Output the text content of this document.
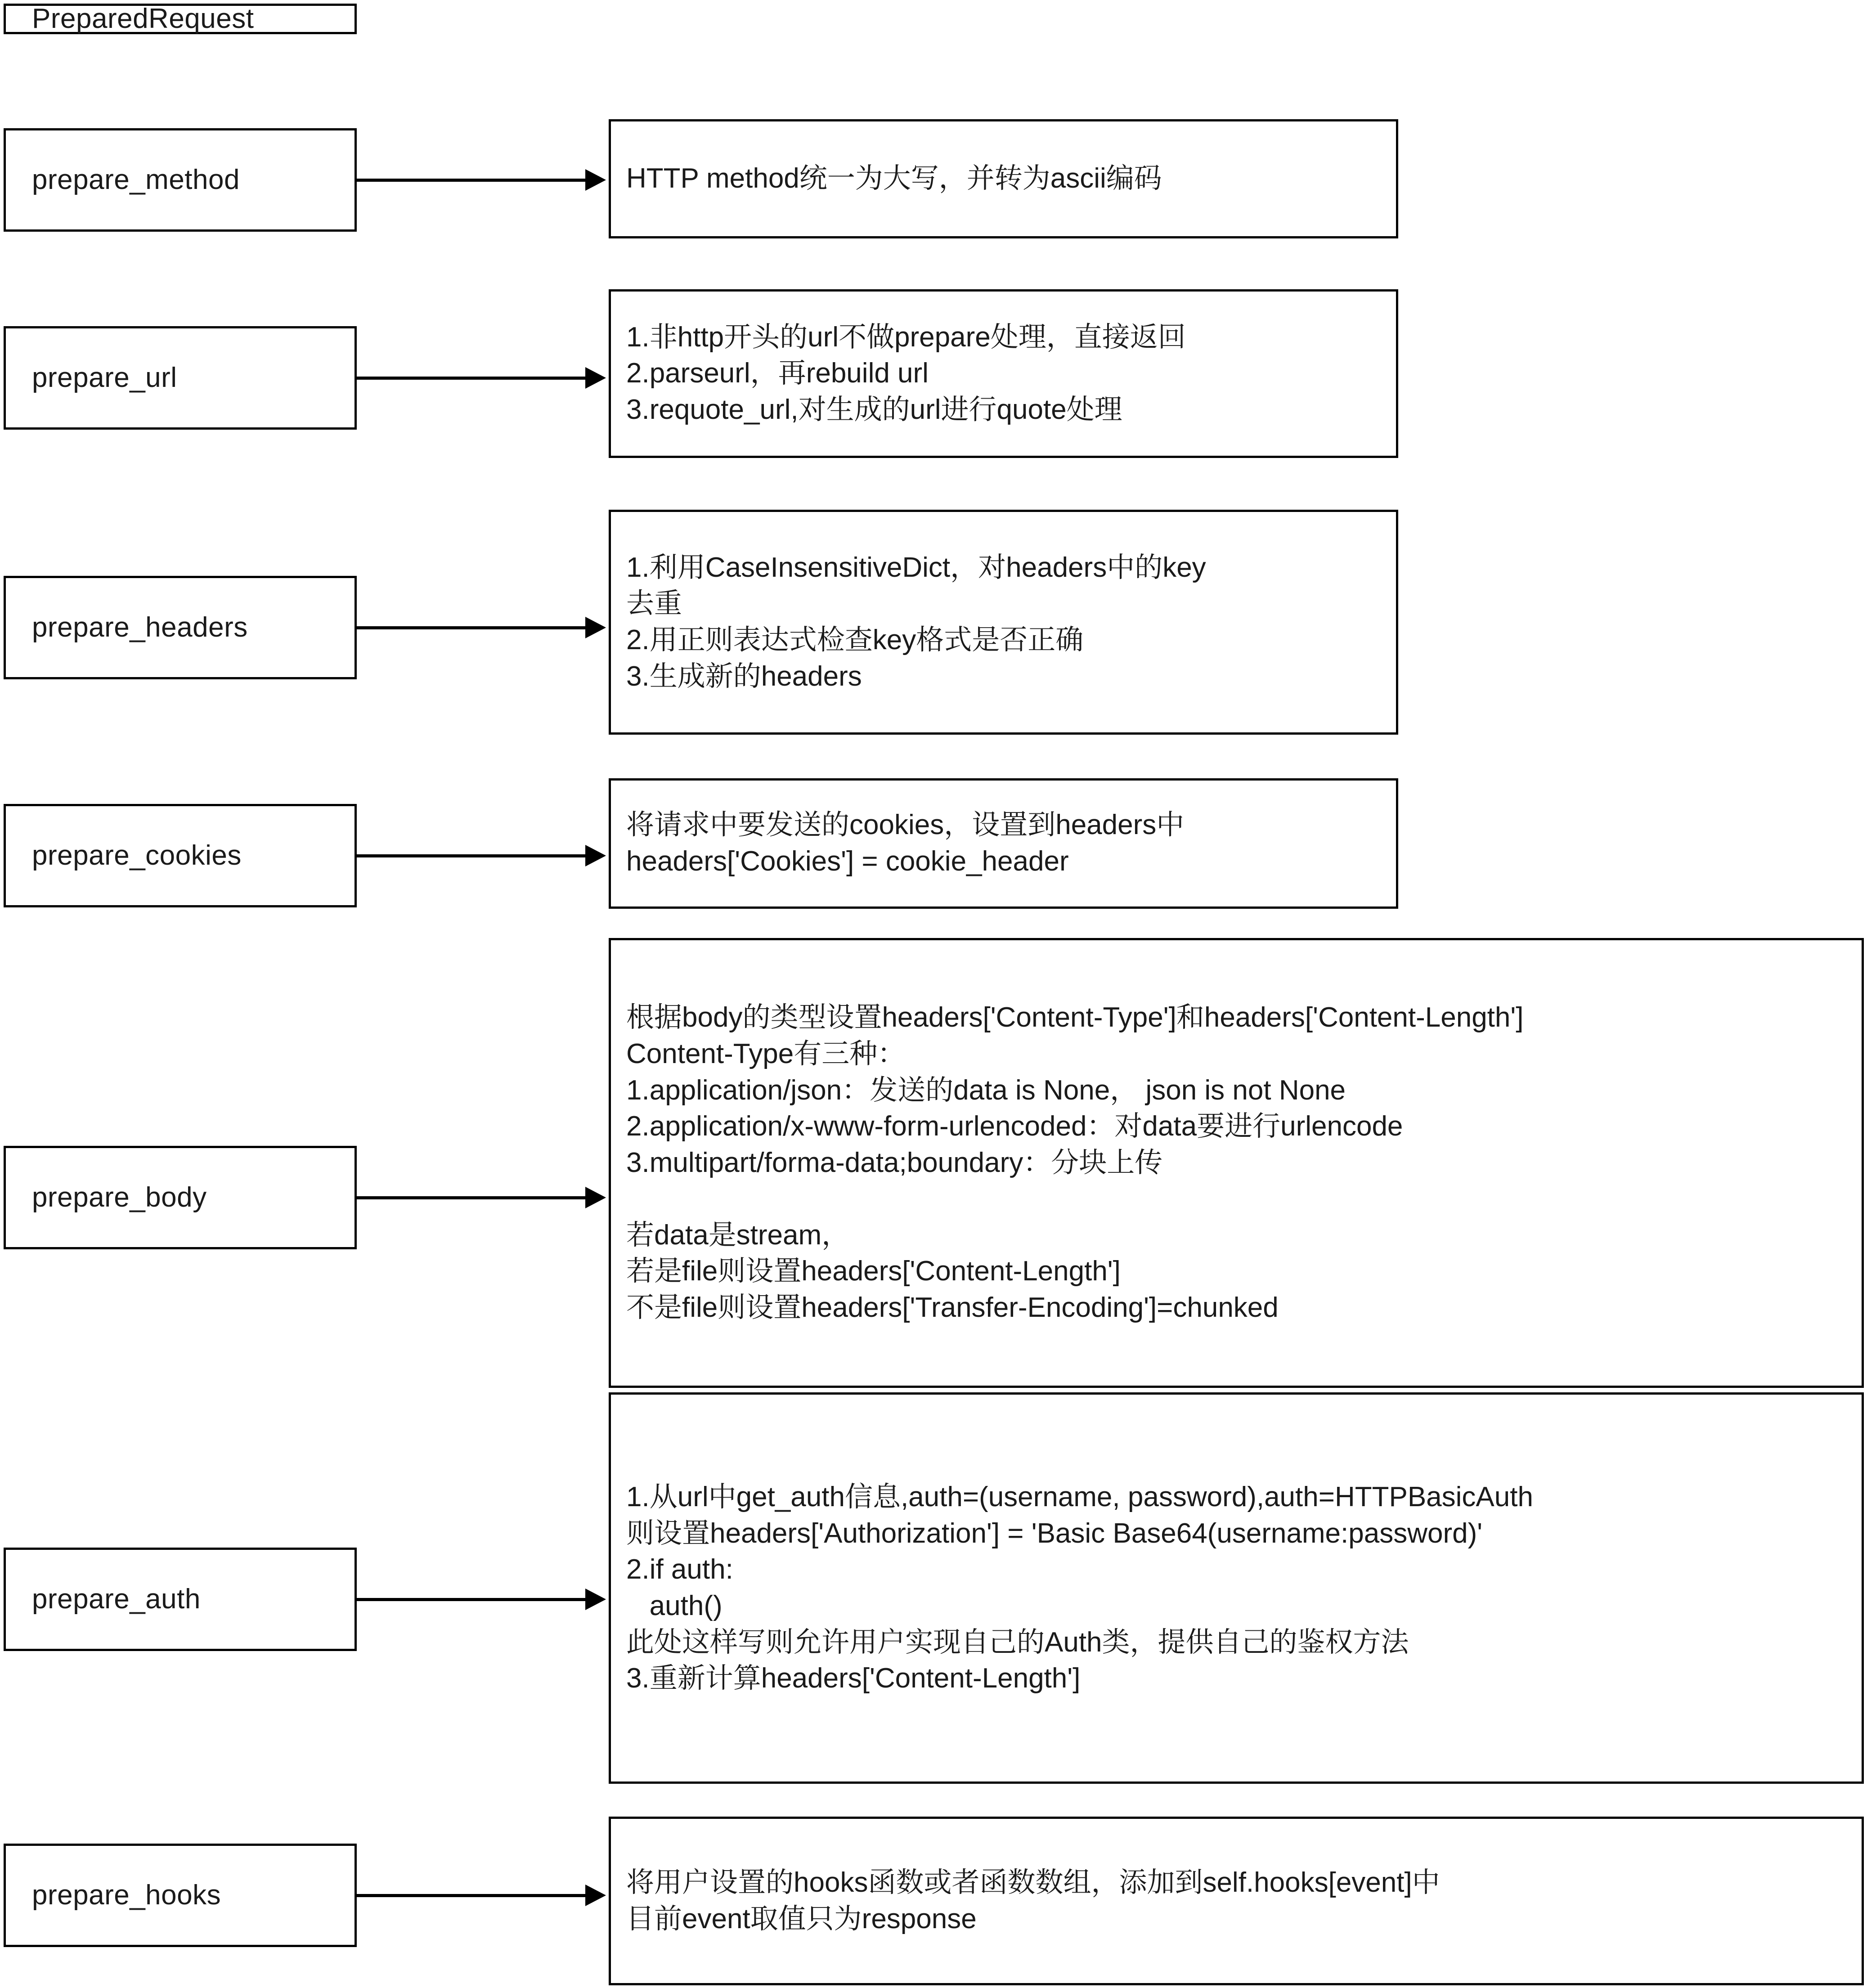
PreparedRequest
prepare_method	HTTP method统一为大写，并转为ascii编码
prepare_url
1.非http开头的url不做prepare处理，直接返回
2.parseurl，再rebuild url
3.requote_url,对生成的url进行quote处理
prepare_headers
1.利用CaseInsensitiveDict，对headers中的key
去重
2.用正则表达式检查key格式是否正确
3.生成新的headers
prepare_cookies
将请求中要发送的cookies，设置到headers中
headers['Cookies'] = cookie_header
prepare_body
根据body的类型设置headers['Content-Type']和headers['Content-Length']
Content-Type有三种：
1.application/json：发送的data is None， json is not None
2.application/x-www-form-urlencoded：对data要进行urlencode
3.multipart/forma-data;boundary：分块上传

若data是stream，
若是file则设置headers['Content-Length']
不是file则设置headers['Transfer-Encoding']=chunked
prepare_auth
1.从url中get_auth信息,auth=(username, password),auth=HTTPBasicAuth
则设置headers['Authorization'] = 'Basic Base64(username:password)'
2.if auth:
auth()
此处这样写则允许用户实现自己的Auth类，提供自己的鉴权方法
3.重新计算headers['Content-Length']
prepare_hooks	将用户设置的hooks函数或者函数数组，添加到self.hooks[event]中
目前event取值只为response
